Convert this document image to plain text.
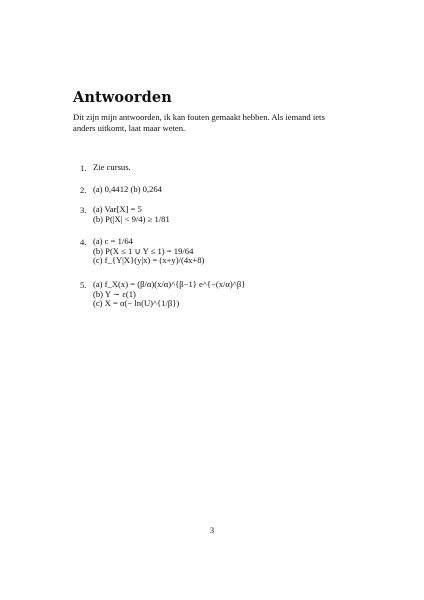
Antwoorden
Dit zijn mijn antwoorden, ik kan fouten gemaakt hebben. Als iemand iets
anders uitkomt, laat maar weten.
1. Zie cursus.
2. (a) 0,4412 (b) 0,264
3. (a) Var[X] = 5
(b) P(|X| < 9/4) ≥ 1/81
4. (a) c = 1/64
(b) P(X ≤ 1 ∪ Y ≤ 1) = 19/64
(c) f_{Y|X}(y|x) = (x+y)/(4x+8)
5. (a) f_X(x) = (β/α)(x/α)^{β−1} e^{−(x/α)^β}
(b) Y ∼ ε(1)
(c) X = α(− ln(U)^{1/β})
3
